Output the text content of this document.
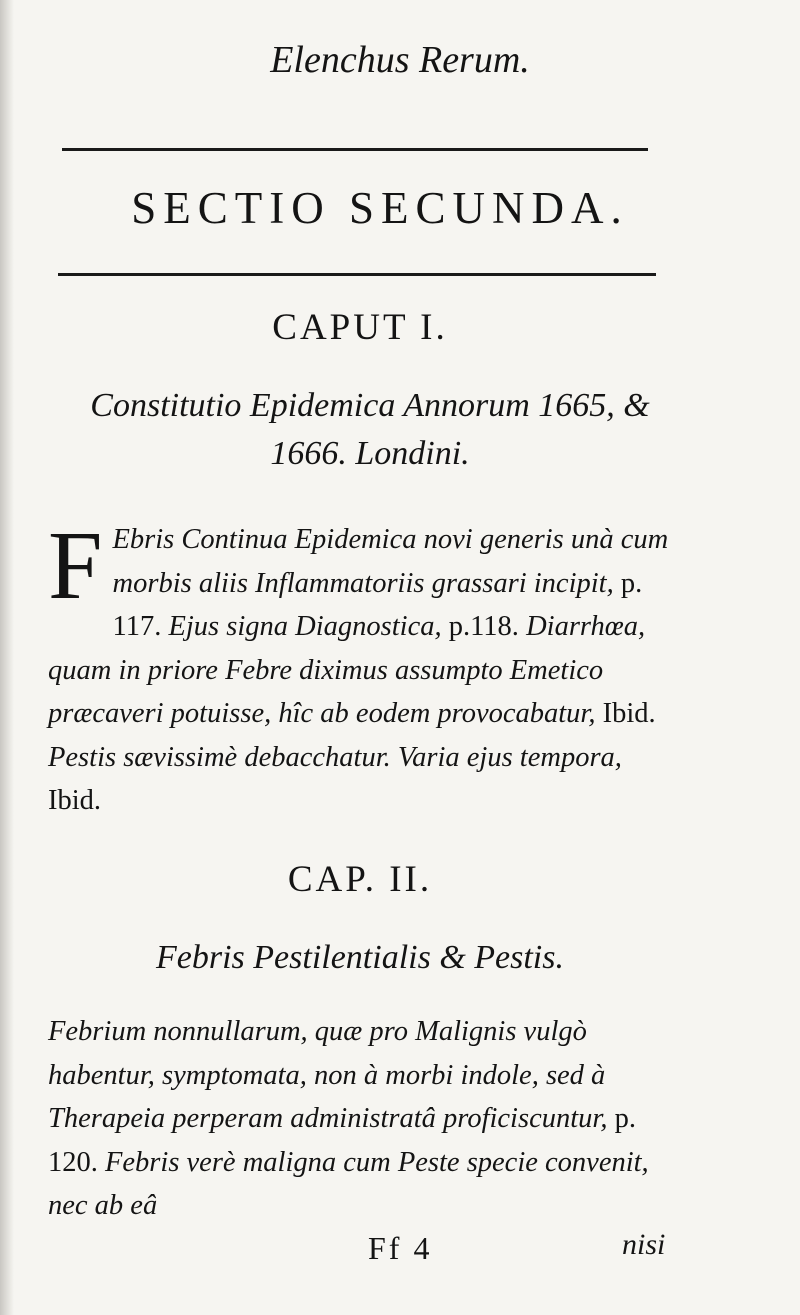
Elenchus Rerum.
SECTIO SECUNDA.
CAPUT I.
Constitutio Epidemica Annorum 1665, &
1666. Londini.
F Ebris Continua Epidemica novi generis unà cum morbis aliis Inflammatoriis grassari incipit, p. 117. Ejus signa Diagnostica, p.118. Diarrhœa, quam in priore Febre diximus assumpto Emetico præcaveri potuisse, hîc ab eodem provocabatur, Ibid. Pestis sævissimè debacchatur. Varia ejus tempora, Ibid.
CAP. II.
Febris Pestilentialis & Pestis.
Febrium nonnullarum, quæ pro Malignis vulgò habentur, symptomata, non à morbi indole, sed à Therapeia perperam administratâ proficiscuntur, p. 120. Febris verè maligna cum Peste specie convenit, nec ab eâ
Ff 4	nisi
